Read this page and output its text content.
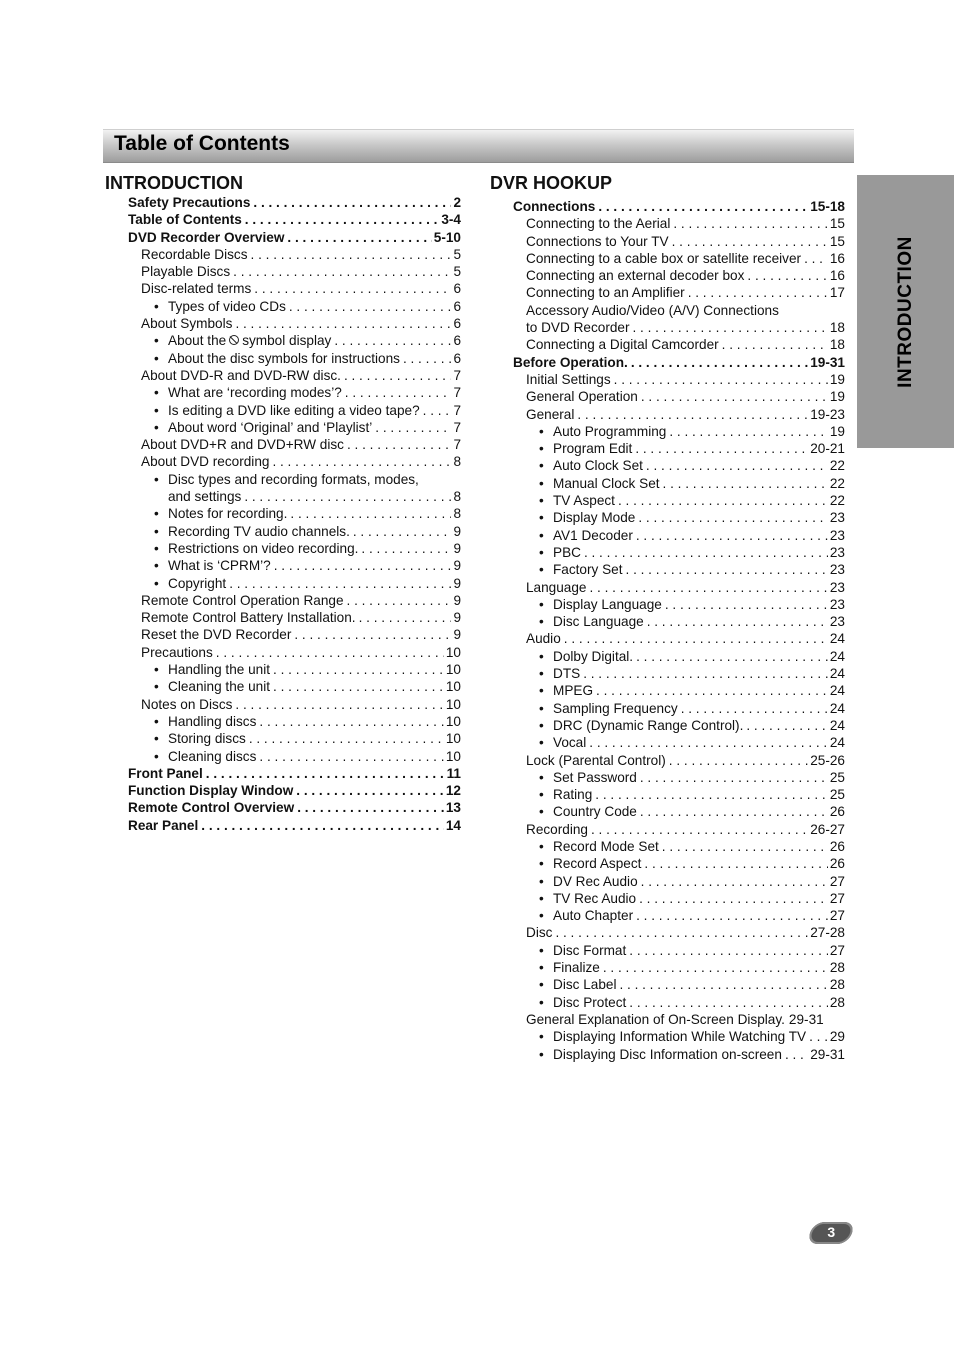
Table of Contents
INTRODUCTION
INTRODUCTION
Safety Precautions . . .	2
Table of Contents . . .	3-4
DVD Recorder Overview . . .	5-10
Recordable Discs . . .	5
Playable Discs . . .	5
Disc-related terms . . .	6
• Types of video CDs . . .	6
About Symbols . . .	6
• About the symbol display . . .	6
• About the disc symbols for instructions . . .	6
About DVD-R and DVD-RW disc. . . .	7
• What are ‘recording modes’? . . .	7
• Is editing a DVD like editing a video tape? . . . 7
• About word ‘Original’ and ‘Playlist’ . . .	7
About DVD+R and DVD+RW disc . . .	7
About DVD recording . . .	8
• Disc types and recording formats, modes,
and settings . . .	8
• Notes for recording. . . .	8
• Recording TV audio channels. . . .	9
• Restrictions on video recording. . . .	9
• What is ‘CPRM’? . . .	9
• Copyright . . .	9
Remote Control Operation Range . . .	9
Remote Control Battery Installation. . . .	9
Reset the DVD Recorder . . .	9
Precautions . . .	10
• Handling the unit . . .	10
• Cleaning the unit . . .	10
Notes on Discs . . .	10
• Handling discs . . .	10
• Storing discs . . .	10
• Cleaning discs . . .	10
Front Panel . . .	11
Function Display Window . . .	12
Remote Control Overview . . .	13
Rear Panel . . .	14
DVR HOOKUP
Connections . . .	15-18
Connecting to the Aerial . . .	15
Connections to Your TV . . .	15
Connecting to a cable box or satellite receiver . . . 16
Connecting an external decoder box . . .	16
Connecting to an Amplifier . . .	17
Accessory Audio/Video (A/V) Connections
to DVD Recorder . . .	18
Connecting a Digital Camcorder . . .	18
Before Operation. . . .	19-31
Initial Settings . . .	19
General Operation . . .	19
General . . .	19-23
• Auto Programming . . .	19
• Program Edit . . .	20-21
• Auto Clock Set . . .	22
• Manual Clock Set . . .	22
• TV Aspect . . .	22
• Display Mode . . .	23
• AV1 Decoder . . .	23
• PBC . . .	23
• Factory Set . . .	23
Language . . .	23
• Display Language . . .	23
• Disc Language . . .	23
Audio . . .	24
• Dolby Digital. . . .	24
• DTS . . .	24
• MPEG . . .	24
• Sampling Frequency . . .	24
• DRC (Dynamic Range Control). . . .	24
• Vocal . . .	24
Lock (Parental Control) . . .	25-26
• Set Password . . .	25
• Rating . . .	25
• Country Code . . .	26
Recording . . .	26-27
• Record Mode Set . . .	26
• Record Aspect . . .	26
• DV Rec Audio . . .	27
• TV Rec Audio . . .	27
• Auto Chapter . . .	27
Disc . . .	27-28
• Disc Format . . .	27
• Finalize . . .	28
• Disc Label . . .	28
• Disc Protect . . .	28
General Explanation of On-Screen Display. 29-31
• Displaying Information While Watching TV . . . 29
• Displaying Disc Information on-screen . . . 29-31
3
